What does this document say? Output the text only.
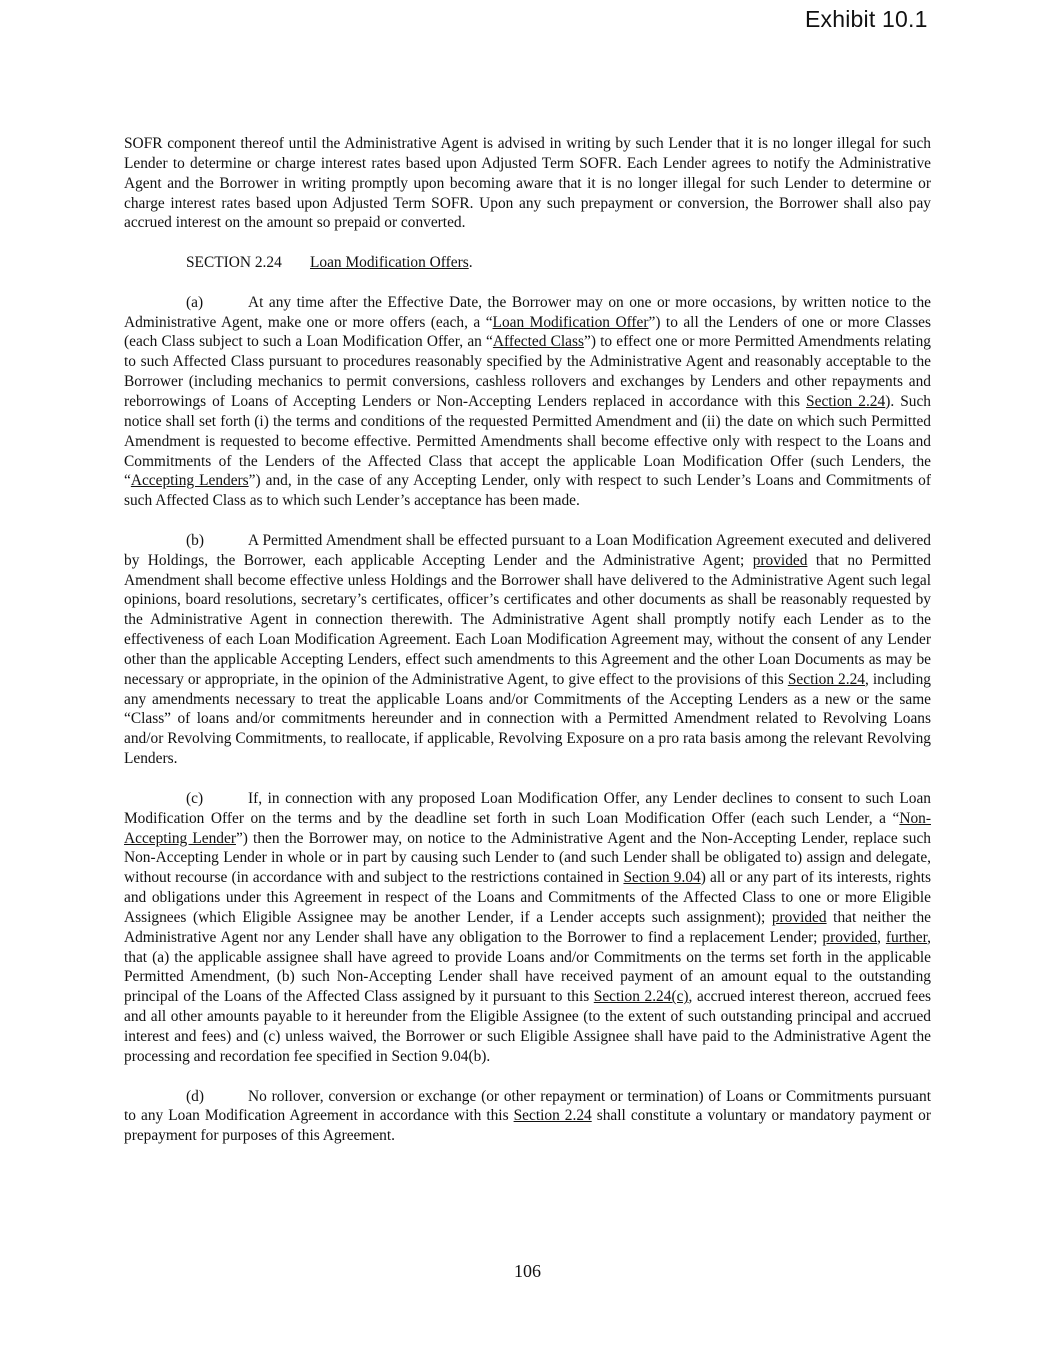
Exhibit 10.1

SOFR component thereof until the Administrative Agent is advised in writing by such Lender that it is no longer illegal for such Lender to determine or charge interest rates based upon Adjusted Term SOFR. Each Lender agrees to notify the Administrative Agent and the Borrower in writing promptly upon becoming aware that it is no longer illegal for such Lender to determine or charge interest rates based upon Adjusted Term SOFR. Upon any such prepayment or conversion, the Borrower shall also pay accrued interest on the amount so prepaid or converted.

SECTION 2.24 Loan Modification Offers.

(a)	At any time after the Effective Date, the Borrower may on one or more occasions, by written notice to the Administrative Agent, make one or more offers (each, a “Loan Modification Offer”) to all the Lenders of one or more Classes (each Class subject to such a Loan Modification Offer, an “Affected Class”) to effect one or more Permitted Amendments relating to such Affected Class pursuant to procedures reasonably specified by the Administrative Agent and reasonably acceptable to the Borrower (including mechanics to permit conversions, cashless rollovers and exchanges by Lenders and other repayments and reborrowings of Loans of Accepting Lenders or Non-Accepting Lenders replaced in accordance with this Section 2.24). Such notice shall set forth (i) the terms and conditions of the requested Permitted Amendment and (ii) the date on which such Permitted Amendment is requested to become effective. Permitted Amendments shall become effective only with respect to the Loans and Commitments of the Lenders of the Affected Class that accept the applicable Loan Modification Offer (such Lenders, the “Accepting Lenders”) and, in the case of any Accepting Lender, only with respect to such Lender’s Loans and Commitments of such Affected Class as to which such Lender’s acceptance has been made.

(b)	A Permitted Amendment shall be effected pursuant to a Loan Modification Agreement executed and delivered by Holdings, the Borrower, each applicable Accepting Lender and the Administrative Agent; provided that no Permitted Amendment shall become effective unless Holdings and the Borrower shall have delivered to the Administrative Agent such legal opinions, board resolutions, secretary’s certificates, officer’s certificates and other documents as shall be reasonably requested by the Administrative Agent in connection therewith. The Administrative Agent shall promptly notify each Lender as to the effectiveness of each Loan Modification Agreement. Each Loan Modification Agreement may, without the consent of any Lender other than the applicable Accepting Lenders, effect such amendments to this Agreement and the other Loan Documents as may be necessary or appropriate, in the opinion of the Administrative Agent, to give effect to the provisions of this Section 2.24, including any amendments necessary to treat the applicable Loans and/or Commitments of the Accepting Lenders as a new or the same “Class” of loans and/or commitments hereunder and in connection with a Permitted Amendment related to Revolving Loans and/or Revolving Commitments, to reallocate, if applicable, Revolving Exposure on a pro rata basis among the relevant Revolving Lenders.

(c)	If, in connection with any proposed Loan Modification Offer, any Lender declines to consent to such Loan Modification Offer on the terms and by the deadline set forth in such Loan Modification Offer (each such Lender, a “Non-Accepting Lender”) then the Borrower may, on notice to the Administrative Agent and the Non-Accepting Lender, replace such Non-Accepting Lender in whole or in part by causing such Lender to (and such Lender shall be obligated to) assign and delegate, without recourse (in accordance with and subject to the restrictions contained in Section 9.04) all or any part of its interests, rights and obligations under this Agreement in respect of the Loans and Commitments of the Affected Class to one or more Eligible Assignees (which Eligible Assignee may be another Lender, if a Lender accepts such assignment); provided that neither the Administrative Agent nor any Lender shall have any obligation to the Borrower to find a replacement Lender; provided, further, that (a) the applicable assignee shall have agreed to provide Loans and/or Commitments on the terms set forth in the applicable Permitted Amendment, (b) such Non-Accepting Lender shall have received payment of an amount equal to the outstanding principal of the Loans of the Affected Class assigned by it pursuant to this Section 2.24(c), accrued interest thereon, accrued fees and all other amounts payable to it hereunder from the Eligible Assignee (to the extent of such outstanding principal and accrued interest and fees) and (c) unless waived, the Borrower or such Eligible Assignee shall have paid to the Administrative Agent the processing and recordation fee specified in Section 9.04(b).

(d)	No rollover, conversion or exchange (or other repayment or termination) of Loans or Commitments pursuant to any Loan Modification Agreement in accordance with this Section 2.24 shall constitute a voluntary or mandatory payment or prepayment for purposes of this Agreement.

106
